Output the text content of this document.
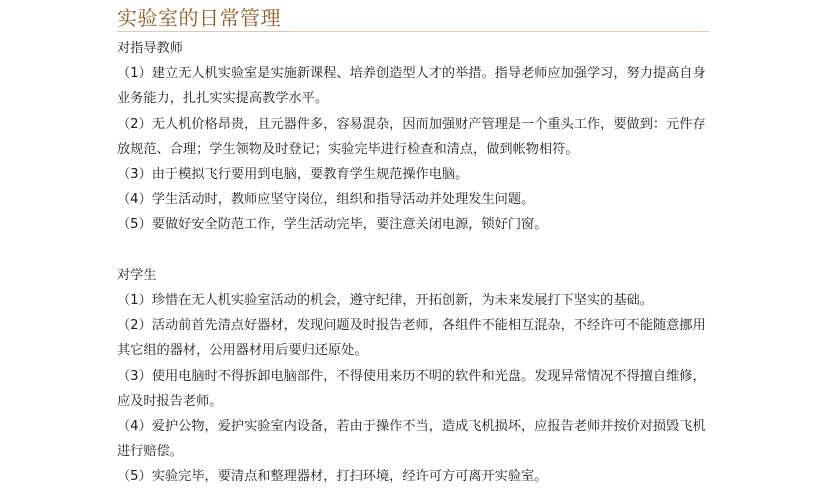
实验室的日常管理

对指导教师

（1）建立无人机实验室是实施新课程、培养创造型人才的举措。指导老师应加强学习，努力提高自身业务能力，扎扎实实提高教学水平。

（2）无人机价格昂贵，且元器件多，容易混杂，因而加强财产管理是一个重头工作，要做到：元件存放规范、合理；学生领物及时登记；实验完毕进行检查和清点，做到帐物相符。

（3）由于模拟飞行要用到电脑，要教育学生规范操作电脑。

（4）学生活动时，教师应坚守岗位，组织和指导活动并处理发生问题。

（5）要做好安全防范工作，学生活动完毕，要注意关闭电源，锁好门窗。

对学生

（1）珍惜在无人机实验室活动的机会，遵守纪律，开拓创新，为未来发展打下坚实的基础。

（2）活动前首先清点好器材，发现问题及时报告老师，各组件不能相互混杂，不经许可不能随意挪用其它组的器材，公用器材用后要归还原处。

（3）使用电脑时不得拆卸电脑部件，不得使用来历不明的软件和光盘。发现异常情况不得擅自维修，应及时报告老师。

（4）爱护公物，爱护实验室内设备，若由于操作不当，造成飞机损坏，应报告老师并按价对损毁飞机进行赔偿。

（5）实验完毕，要清点和整理器材，打扫环境，经许可方可离开实验室。
